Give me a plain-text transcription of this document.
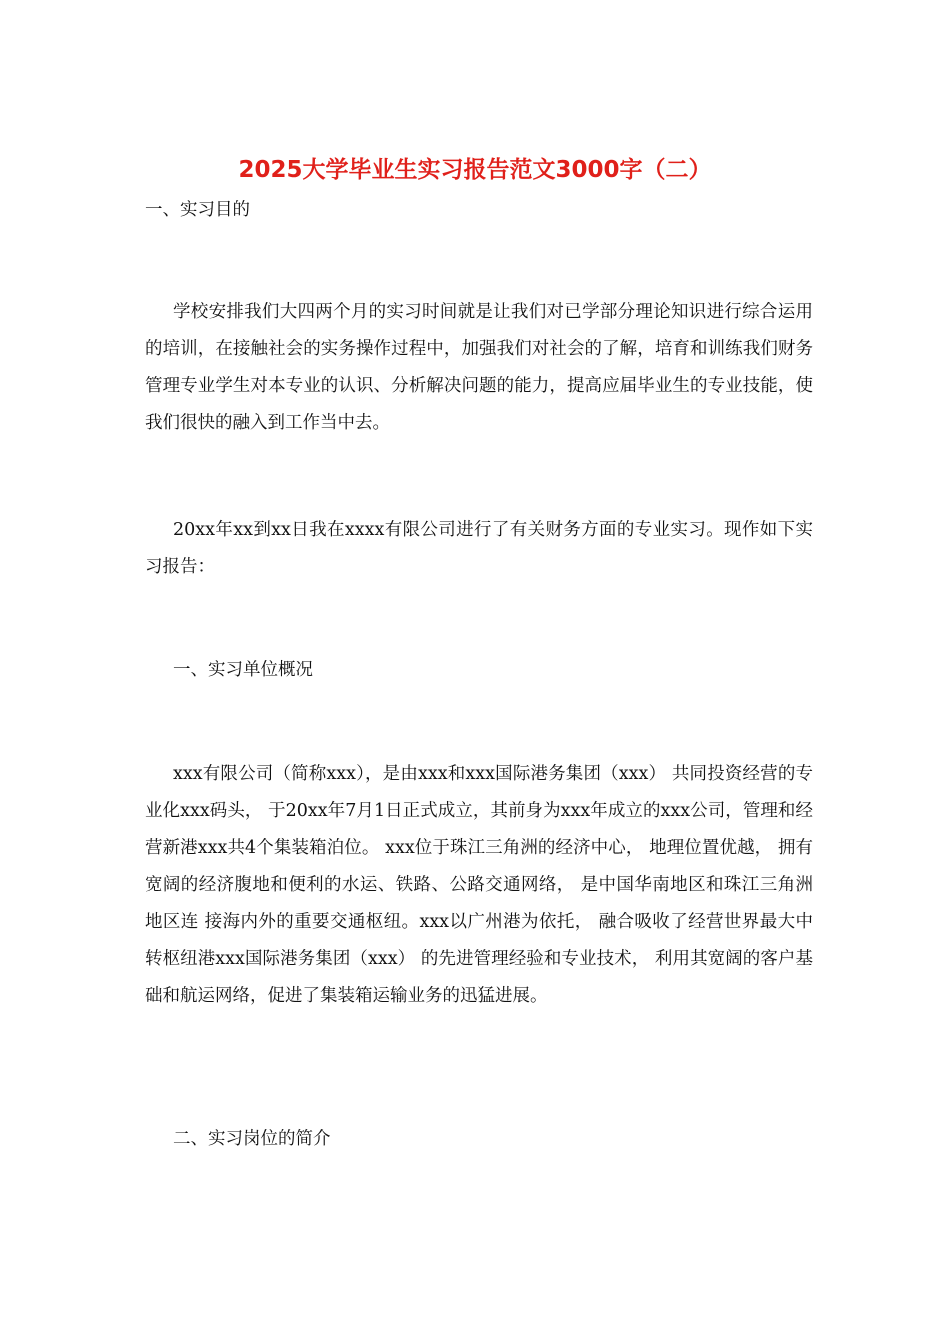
2025大学毕业生实习报告范文3000字（二）
一、实习目的
学校安排我们大四两个月的实习时间就是让我们对已学部分理论知识进行综合运用的培训，在接触社会的实务操作过程中，加强我们对社会的了解，培育和训练我们财务管理专业学生对本专业的认识、分析解决问题的能力，提高应届毕业生的专业技能，使我们很快的融入到工作当中去。
20xx年xx到xx日我在xxxx有限公司进行了有关财务方面的专业实习。现作如下实习报告：
一、实习单位概况
xxx有限公司（简称xxx），是由xxx和xxx国际港务集团（xxx） 共同投资经营的专业化xxx码头， 于20xx年7月1日正式成立，其前身为xxx年成立的xxx公司，管理和经营新港xxx共4个集装箱泊位。 xxx位于珠江三角洲的经济中心， 地理位置优越， 拥有宽阔的经济腹地和便利的水运、铁路、公路交通网络， 是中国华南地区和珠江三角洲地区连 接海内外的重要交通枢纽。xxx以广州港为依托， 融合吸收了经营世界最大中转枢纽港xxx国际港务集团（xxx） 的先进管理经验和专业技术， 利用其宽阔的客户基础和航运网络，促进了集装箱运输业务的迅猛进展。
二、实习岗位的简介
